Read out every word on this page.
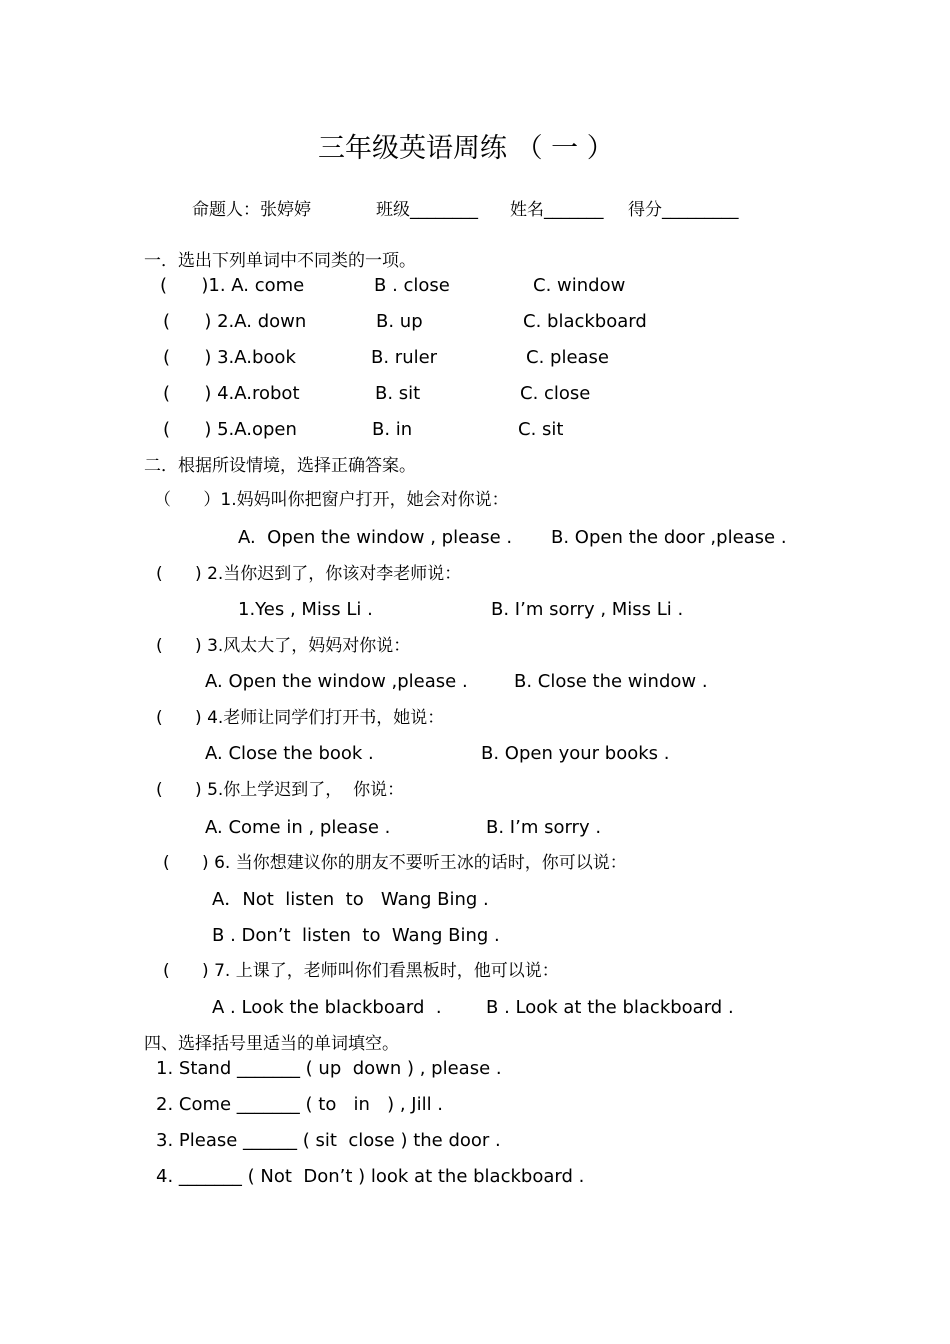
三年级英语周练 （ 一 ）
命题人：张婷婷	班级________ 姓名_______ 得分_________
一．选出下列单词中不同类的一项。
(      )1. A. come	B . close	C. window
(      ) 2.A. down	B. up	C. blackboard
(      ) 3.A.book	B. ruler	C. please
(      ) 4.A.robot	B. sit	C. close
(      ) 5.A.open	B. in	C. sit
二．根据所设情境，选择正确答案。
（      ）1.妈妈叫你把窗户打开，她会对你说：
A.  Open the window , please . B. Open the door ,please .
(      ) 2.当你迟到了，你该对李老师说：
1.Yes , Miss Li .	B. I’m sorry , Miss Li .
(      ) 3.风太大了，妈妈对你说：
A. Open the window ,please .	B. Close the window .
(      ) 4.老师让同学们打开书，她说：
A. Close the book .	B. Open your books .
(      ) 5.你上学迟到了，  你说：
A. Come in , please .	B. I’m sorry .
(      ) 6. 当你想建议你的朋友不要听王冰的话时，你可以说：
A．Not  listen  to   Wang Bing .
B . Don’t  listen  to  Wang Bing .
(      ) 7. 上课了，老师叫你们看黑板时，他可以说：
A . Look the blackboard  . B . Look at the blackboard .
四、选择括号里适当的单词填空。
1. Stand _______ ( up  down ) , please .
2. Come _______ ( to   in   ) , Jill .
3. Please ______ ( sit  close ) the door .
4. _______ ( Not  Don’t ) look at the blackboard .
